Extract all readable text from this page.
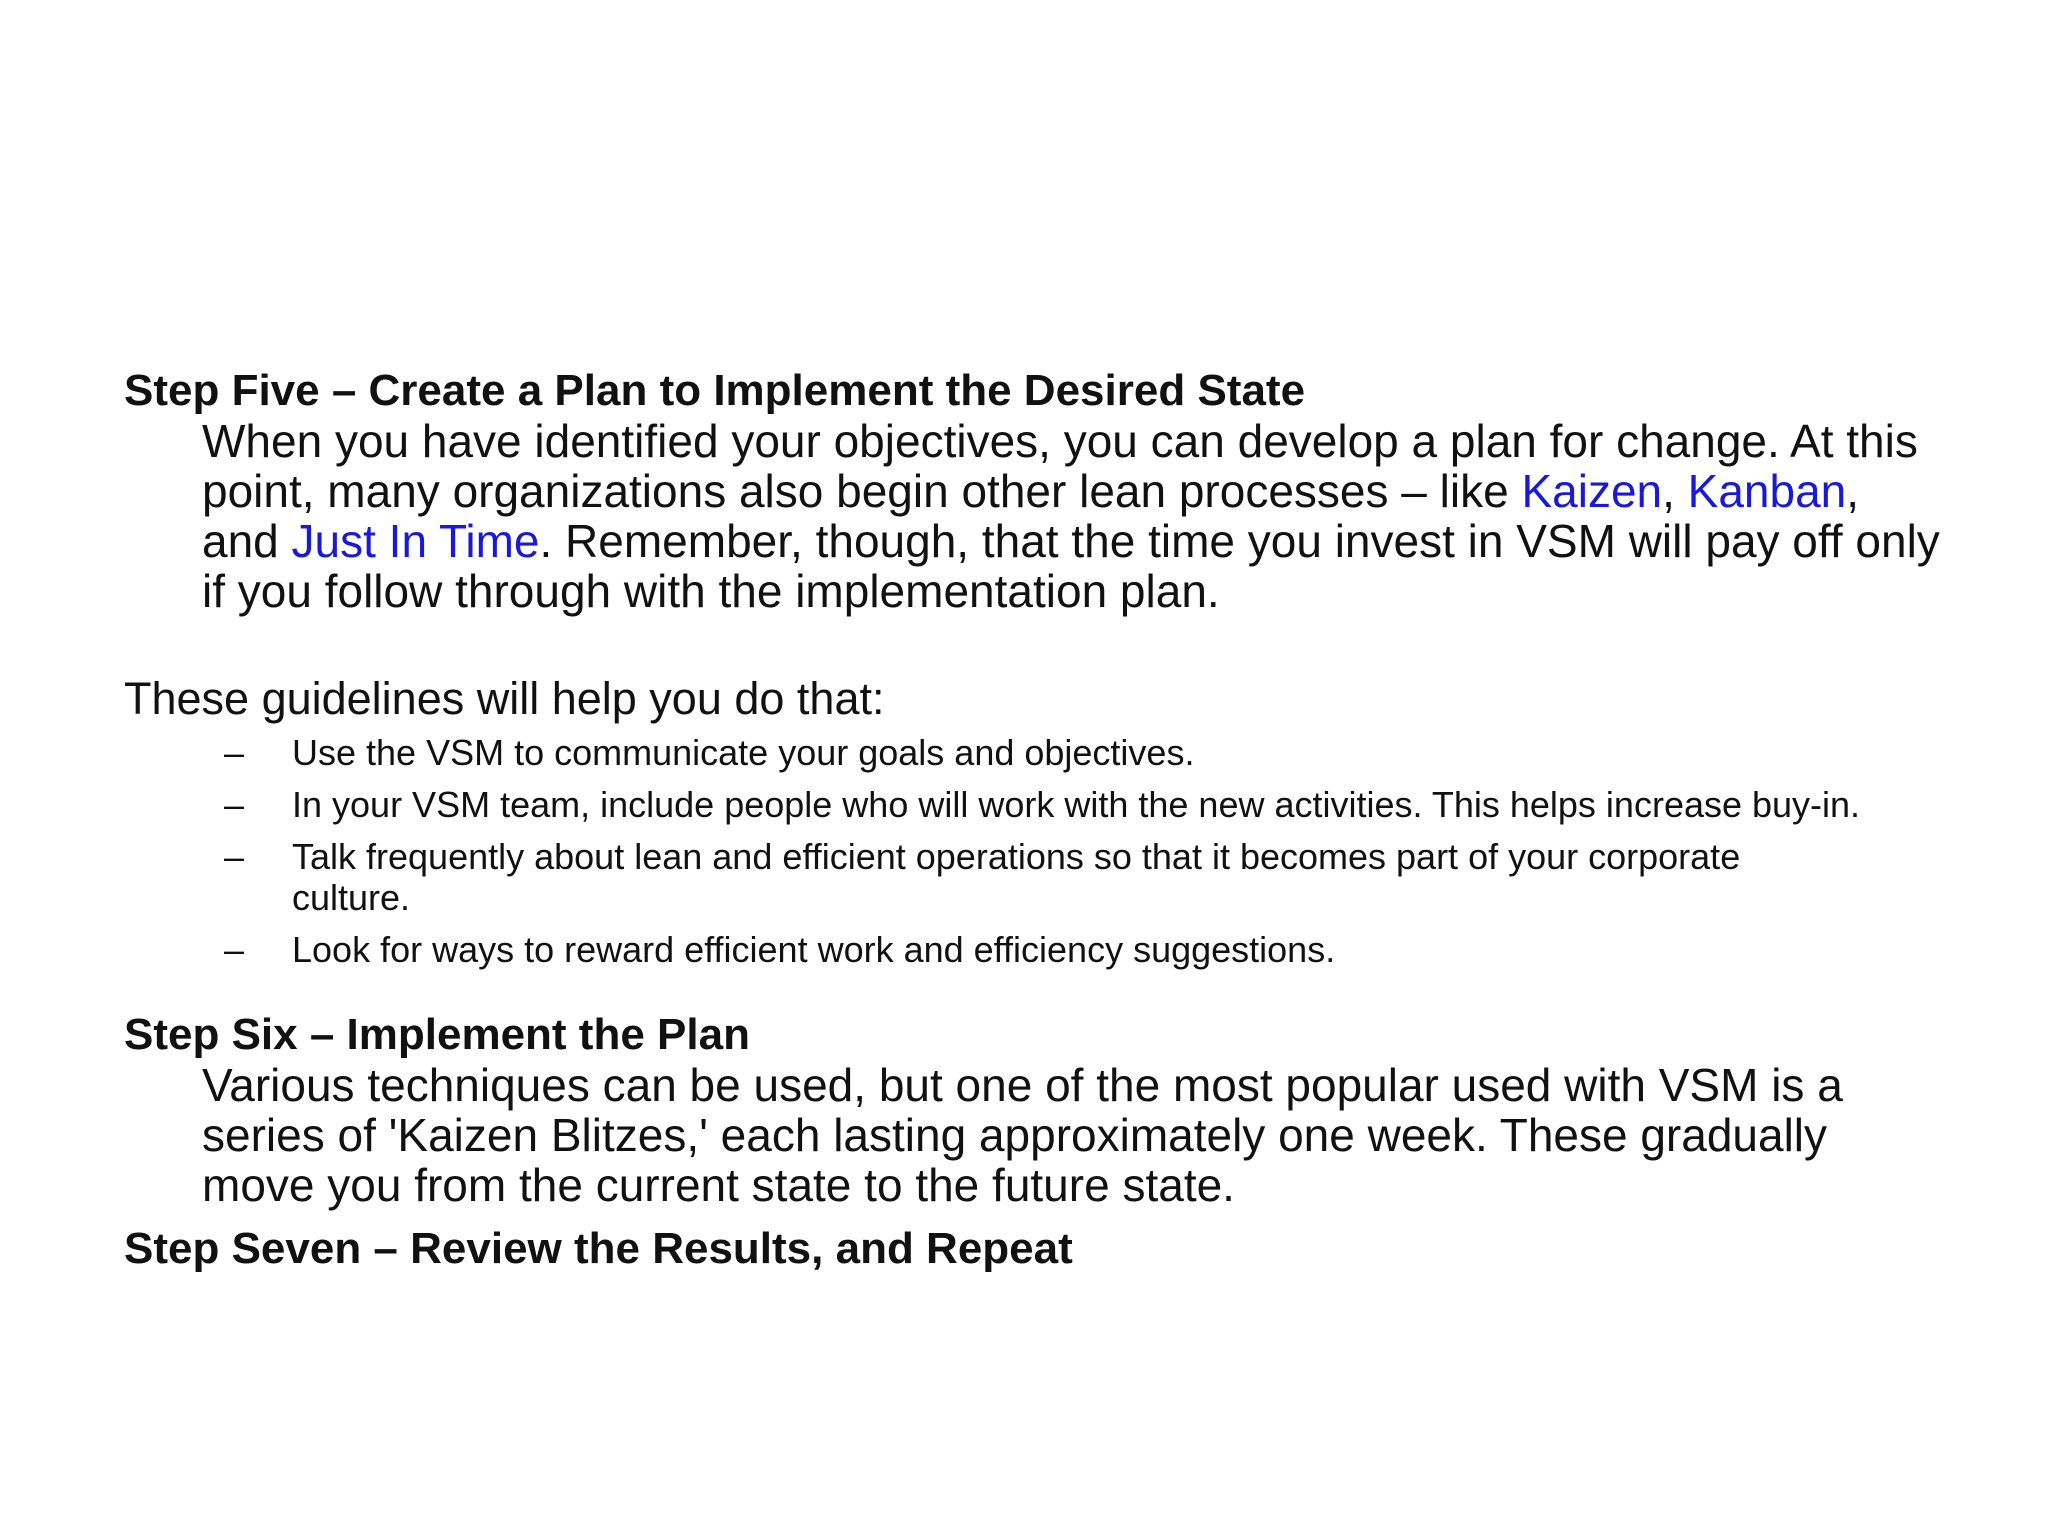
Step Five – Create a Plan to Implement the Desired State

When you have identified your objectives, you can develop a plan for change. At this point, many organizations also begin other lean processes – like Kaizen, Kanban, and Just In Time. Remember, though, that the time you invest in VSM will pay off only if you follow through with the implementation plan.

These guidelines will help you do that:

– Use the VSM to communicate your goals and objectives.
– In your VSM team, include people who will work with the new activities. This helps increase buy-in.
– Talk frequently about lean and efficient operations so that it becomes part of your corporate culture.
– Look for ways to reward efficient work and efficiency suggestions.
Step Six – Implement the Plan

Various techniques can be used, but one of the most popular used with VSM is a series of 'Kaizen Blitzes,' each lasting approximately one week. These gradually move you from the current state to the future state.

Step Seven – Review the Results, and Repeat
